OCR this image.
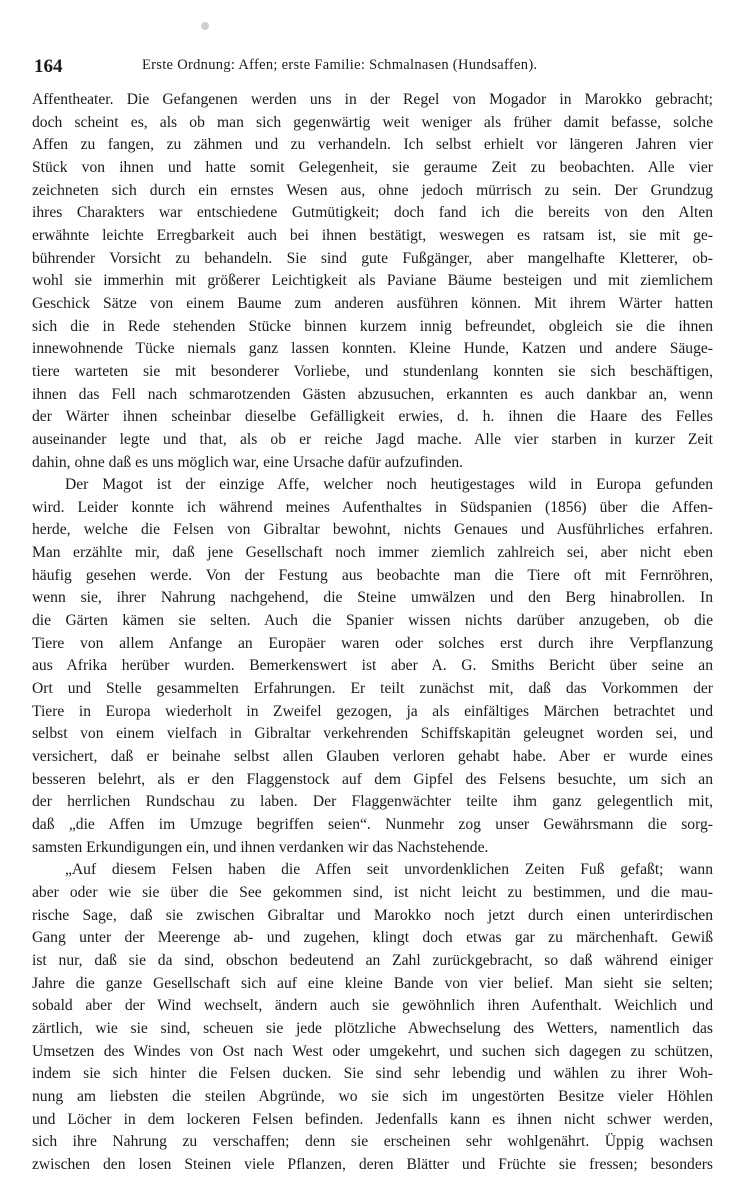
164	Erste Ordnung: Affen; erste Familie: Schmalnasen (Hundsaffen).
Affentheater. Die Gefangenen werden uns in der Regel von Mogador in Marokko gebracht;
doch scheint es, als ob man sich gegenwärtig weit weniger als früher damit befasse, solche
Affen zu fangen, zu zähmen und zu verhandeln. Ich selbst erhielt vor längeren Jahren vier
Stück von ihnen und hatte somit Gelegenheit, sie geraume Zeit zu beobachten. Alle vier
zeichneten sich durch ein ernstes Wesen aus, ohne jedoch mürrisch zu sein. Der Grundzug
ihres Charakters war entschiedene Gutmütigkeit; doch fand ich die bereits von den Alten
erwähnte leichte Erregbarkeit auch bei ihnen bestätigt, weswegen es ratsam ist, sie mit ge-
bührender Vorsicht zu behandeln. Sie sind gute Fußgänger, aber mangelhafte Kletterer, ob-
wohl sie immerhin mit größerer Leichtigkeit als Paviane Bäume besteigen und mit ziemlichem
Geschick Sätze von einem Baume zum anderen ausführen können. Mit ihrem Wärter hatten
sich die in Rede stehenden Stücke binnen kurzem innig befreundet, obgleich sie die ihnen
innewohnende Tücke niemals ganz lassen konnten. Kleine Hunde, Katzen und andere Säuge-
tiere warteten sie mit besonderer Vorliebe, und stundenlang konnten sie sich beschäftigen,
ihnen das Fell nach schmarotzenden Gästen abzusuchen, erkannten es auch dankbar an, wenn
der Wärter ihnen scheinbar dieselbe Gefälligkeit erwies, d. h. ihnen die Haare des Felles
auseinander legte und that, als ob er reiche Jagd mache. Alle vier starben in kurzer Zeit
dahin, ohne daß es uns möglich war, eine Ursache dafür aufzufinden.
Der Magot ist der einzige Affe, welcher noch heutigestages wild in Europa gefunden
wird. Leider konnte ich während meines Aufenthaltes in Südspanien (1856) über die Affen-
herde, welche die Felsen von Gibraltar bewohnt, nichts Genaues und Ausführliches erfahren.
Man erzählte mir, daß jene Gesellschaft noch immer ziemlich zahlreich sei, aber nicht eben
häufig gesehen werde. Von der Festung aus beobachte man die Tiere oft mit Fernröhren,
wenn sie, ihrer Nahrung nachgehend, die Steine umwälzen und den Berg hinabrollen. In
die Gärten kämen sie selten. Auch die Spanier wissen nichts darüber anzugeben, ob die
Tiere von allem Anfange an Europäer waren oder solches erst durch ihre Verpflanzung
aus Afrika herüber wurden. Bemerkenswert ist aber A. G. Smiths Bericht über seine an
Ort und Stelle gesammelten Erfahrungen. Er teilt zunächst mit, daß das Vorkommen der
Tiere in Europa wiederholt in Zweifel gezogen, ja als einfältiges Märchen betrachtet und
selbst von einem vielfach in Gibraltar verkehrenden Schiffskapitän geleugnet worden sei, und
versichert, daß er beinahe selbst allen Glauben verloren gehabt habe. Aber er wurde eines
besseren belehrt, als er den Flaggenstock auf dem Gipfel des Felsens besuchte, um sich an
der herrlichen Rundschau zu laben. Der Flaggenwächter teilte ihm ganz gelegentlich mit,
daß „die Affen im Umzuge begriffen seien“. Nunmehr zog unser Gewährsmann die sorg-
samsten Erkundigungen ein, und ihnen verdanken wir das Nachstehende.
„Auf diesem Felsen haben die Affen seit unvordenklichen Zeiten Fuß gefaßt; wann
aber oder wie sie über die See gekommen sind, ist nicht leicht zu bestimmen, und die mau-
rische Sage, daß sie zwischen Gibraltar und Marokko noch jetzt durch einen unterirdischen
Gang unter der Meerenge ab- und zugehen, klingt doch etwas gar zu märchenhaft. Gewiß
ist nur, daß sie da sind, obschon bedeutend an Zahl zurückgebracht, so daß während einiger
Jahre die ganze Gesellschaft sich auf eine kleine Bande von vier belief. Man sieht sie selten;
sobald aber der Wind wechselt, ändern auch sie gewöhnlich ihren Aufenthalt. Weichlich und
zärtlich, wie sie sind, scheuen sie jede plötzliche Abwechselung des Wetters, namentlich das
Umsetzen des Windes von Ost nach West oder umgekehrt, und suchen sich dagegen zu schützen,
indem sie sich hinter die Felsen ducken. Sie sind sehr lebendig und wählen zu ihrer Woh-
nung am liebsten die steilen Abgründe, wo sie sich im ungestörten Besitze vieler Höhlen
und Löcher in dem lockeren Felsen befinden. Jedenfalls kann es ihnen nicht schwer werden,
sich ihre Nahrung zu verschaffen; denn sie erscheinen sehr wohlgenährt. Üppig wachsen
zwischen den losen Steinen viele Pflanzen, deren Blätter und Früchte sie fressen; besonders
